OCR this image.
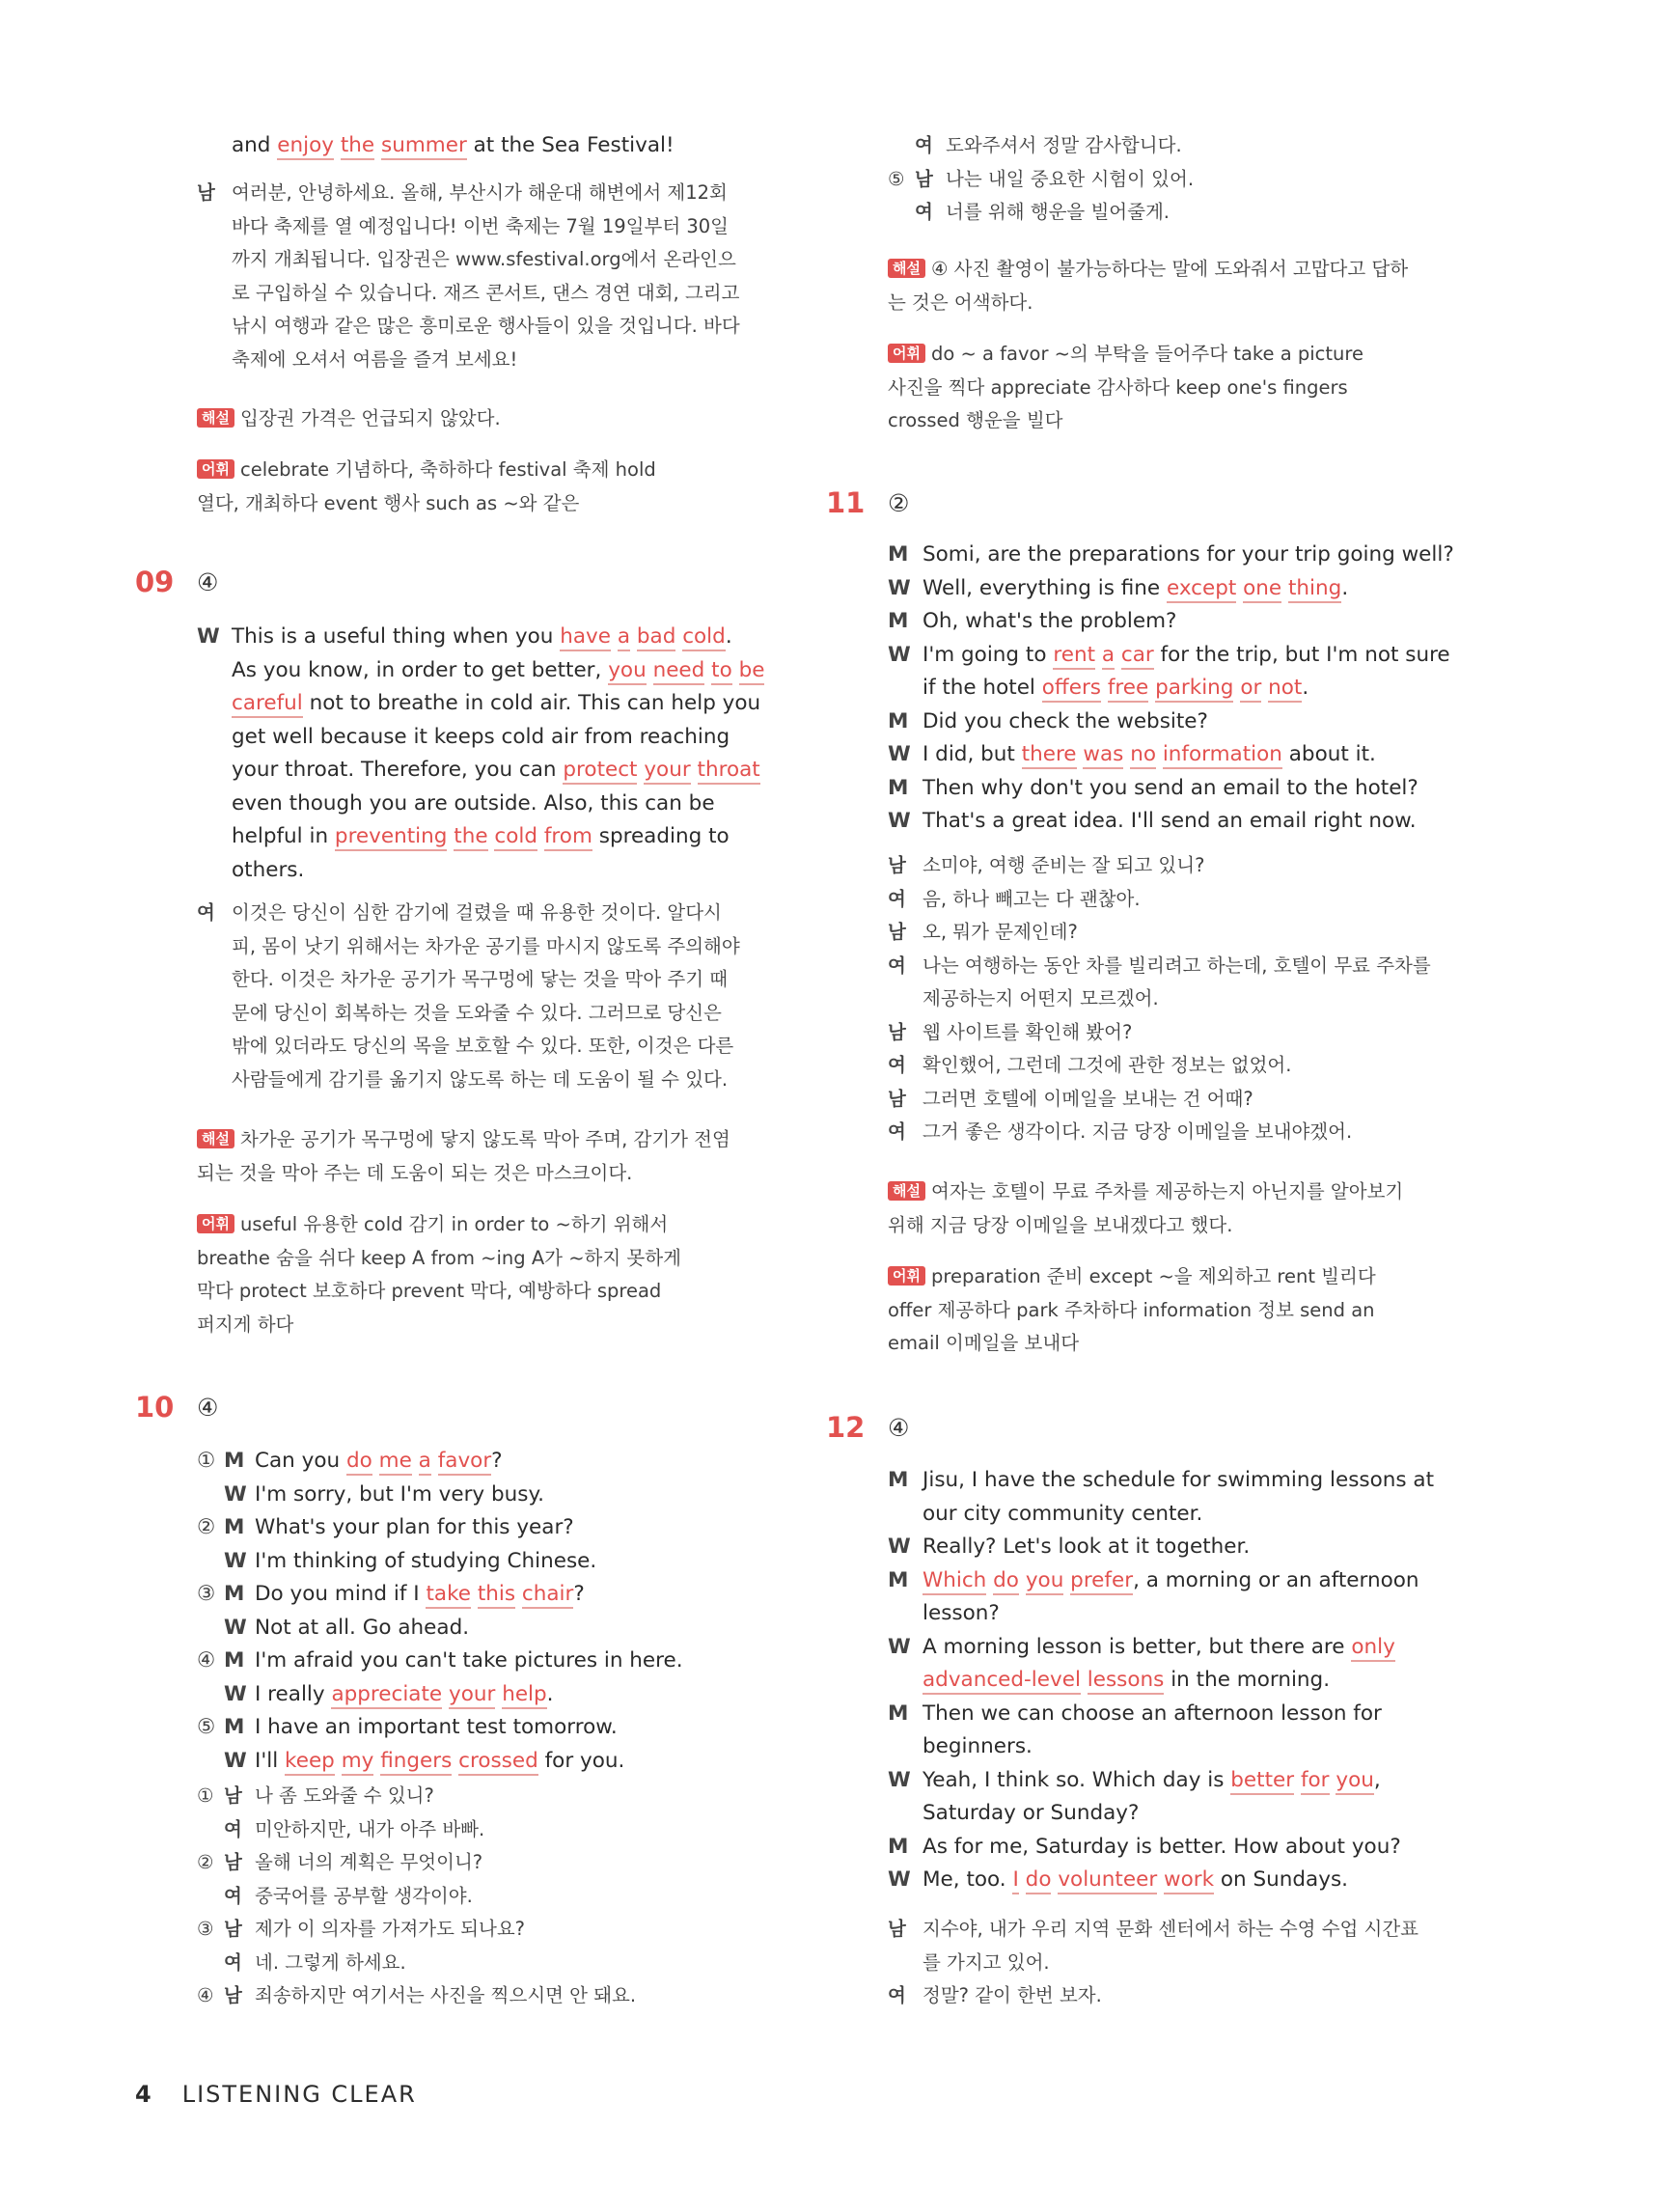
and enjoy the summer at the Sea Festival!
남 여러분, 안녕하세요. 올해, 부산시가 해운대 해변에서 제12회
바다 축제를 열 예정입니다! 이번 축제는 7월 19일부터 30일
까지 개최됩니다. 입장권은 www.sfestival.org에서 온라인으
로 구입하실 수 있습니다. 재즈 콘서트, 댄스 경연 대회, 그리고
낚시 여행과 같은 많은 흥미로운 행사들이 있을 것입니다. 바다
축제에 오셔서 여름을 즐겨 보세요!
해설 입장권 가격은 언급되지 않았다.
어휘 celebrate 기념하다, 축하하다 festival 축제 hold
열다, 개최하다 event 행사 such as ~와 같은
09 ④
W This is a useful thing when you have a bad cold.
As you know, in order to get better, you need to be
careful not to breathe in cold air. This can help you
get well because it keeps cold air from reaching
your throat. Therefore, you can protect your throat
even though you are outside. Also, this can be
helpful in preventing the cold from spreading to
others.
여 이것은 당신이 심한 감기에 걸렸을 때 유용한 것이다. 알다시
피, 몸이 낫기 위해서는 차가운 공기를 마시지 않도록 주의해야
한다. 이것은 차가운 공기가 목구멍에 닿는 것을 막아 주기 때
문에 당신이 회복하는 것을 도와줄 수 있다. 그러므로 당신은
밖에 있더라도 당신의 목을 보호할 수 있다. 또한, 이것은 다른
사람들에게 감기를 옮기지 않도록 하는 데 도움이 될 수 있다.
해설 차가운 공기가 목구멍에 닿지 않도록 막아 주며, 감기가 전염
되는 것을 막아 주는 데 도움이 되는 것은 마스크이다.
어휘 useful 유용한 cold 감기 in order to ~하기 위해서
breathe 숨을 쉬다 keep A from ~ing A가 ~하지 못하게
막다 protect 보호하다 prevent 막다, 예방하다 spread
퍼지게 하다
10 ④
① M Can you do me a favor?
W I'm sorry, but I'm very busy.
② M What's your plan for this year?
W I'm thinking of studying Chinese.
③ M Do you mind if I take this chair?
W Not at all. Go ahead.
④ M I'm afraid you can't take pictures in here.
W I really appreciate your help.
⑤ M I have an important test tomorrow.
W I'll keep my fingers crossed for you.
① 남 나 좀 도와줄 수 있니?
여 미안하지만, 내가 아주 바빠.
② 남 올해 너의 계획은 무엇이니?
여 중국어를 공부할 생각이야.
③ 남 제가 이 의자를 가져가도 되나요?
여 네. 그렇게 하세요.
④ 남 죄송하지만 여기서는 사진을 찍으시면 안 돼요.
여 도와주셔서 정말 감사합니다.
⑤ 남 나는 내일 중요한 시험이 있어.
여 너를 위해 행운을 빌어줄게.
해설 ④ 사진 촬영이 불가능하다는 말에 도와줘서 고맙다고 답하
는 것은 어색하다.
어휘 do ~ a favor ~의 부탁을 들어주다 take a picture
사진을 찍다 appreciate 감사하다 keep one's fingers
crossed 행운을 빌다
11 ②
M Somi, are the preparations for your trip going well?
W Well, everything is fine except one thing.
M Oh, what's the problem?
W I'm going to rent a car for the trip, but I'm not sure
if the hotel offers free parking or not.
M Did you check the website?
W I did, but there was no information about it.
M Then why don't you send an email to the hotel?
W That's a great idea. I'll send an email right now.
남 소미야, 여행 준비는 잘 되고 있니?
여 음, 하나 빼고는 다 괜찮아.
남 오, 뭐가 문제인데?
여 나는 여행하는 동안 차를 빌리려고 하는데, 호텔이 무료 주차를
제공하는지 어떤지 모르겠어.
남 웹 사이트를 확인해 봤어?
여 확인했어, 그런데 그것에 관한 정보는 없었어.
남 그러면 호텔에 이메일을 보내는 건 어때?
여 그거 좋은 생각이다. 지금 당장 이메일을 보내야겠어.
해설 여자는 호텔이 무료 주차를 제공하는지 아닌지를 알아보기
위해 지금 당장 이메일을 보내겠다고 했다.
어휘 preparation 준비 except ~을 제외하고 rent 빌리다
offer 제공하다 park 주차하다 information 정보 send an
email 이메일을 보내다
12 ④
M Jisu, I have the schedule for swimming lessons at
our city community center.
W Really? Let's look at it together.
M Which do you prefer, a morning or an afternoon
lesson?
W A morning lesson is better, but there are only
advanced-level lessons in the morning.
M Then we can choose an afternoon lesson for
beginners.
W Yeah, I think so. Which day is better for you,
Saturday or Sunday?
M As for me, Saturday is better. How about you?
W Me, too. I do volunteer work on Sundays.
남 지수야, 내가 우리 지역 문화 센터에서 하는 수영 수업 시간표
를 가지고 있어.
여 정말? 같이 한번 보자.
4 LISTENING CLEAR
